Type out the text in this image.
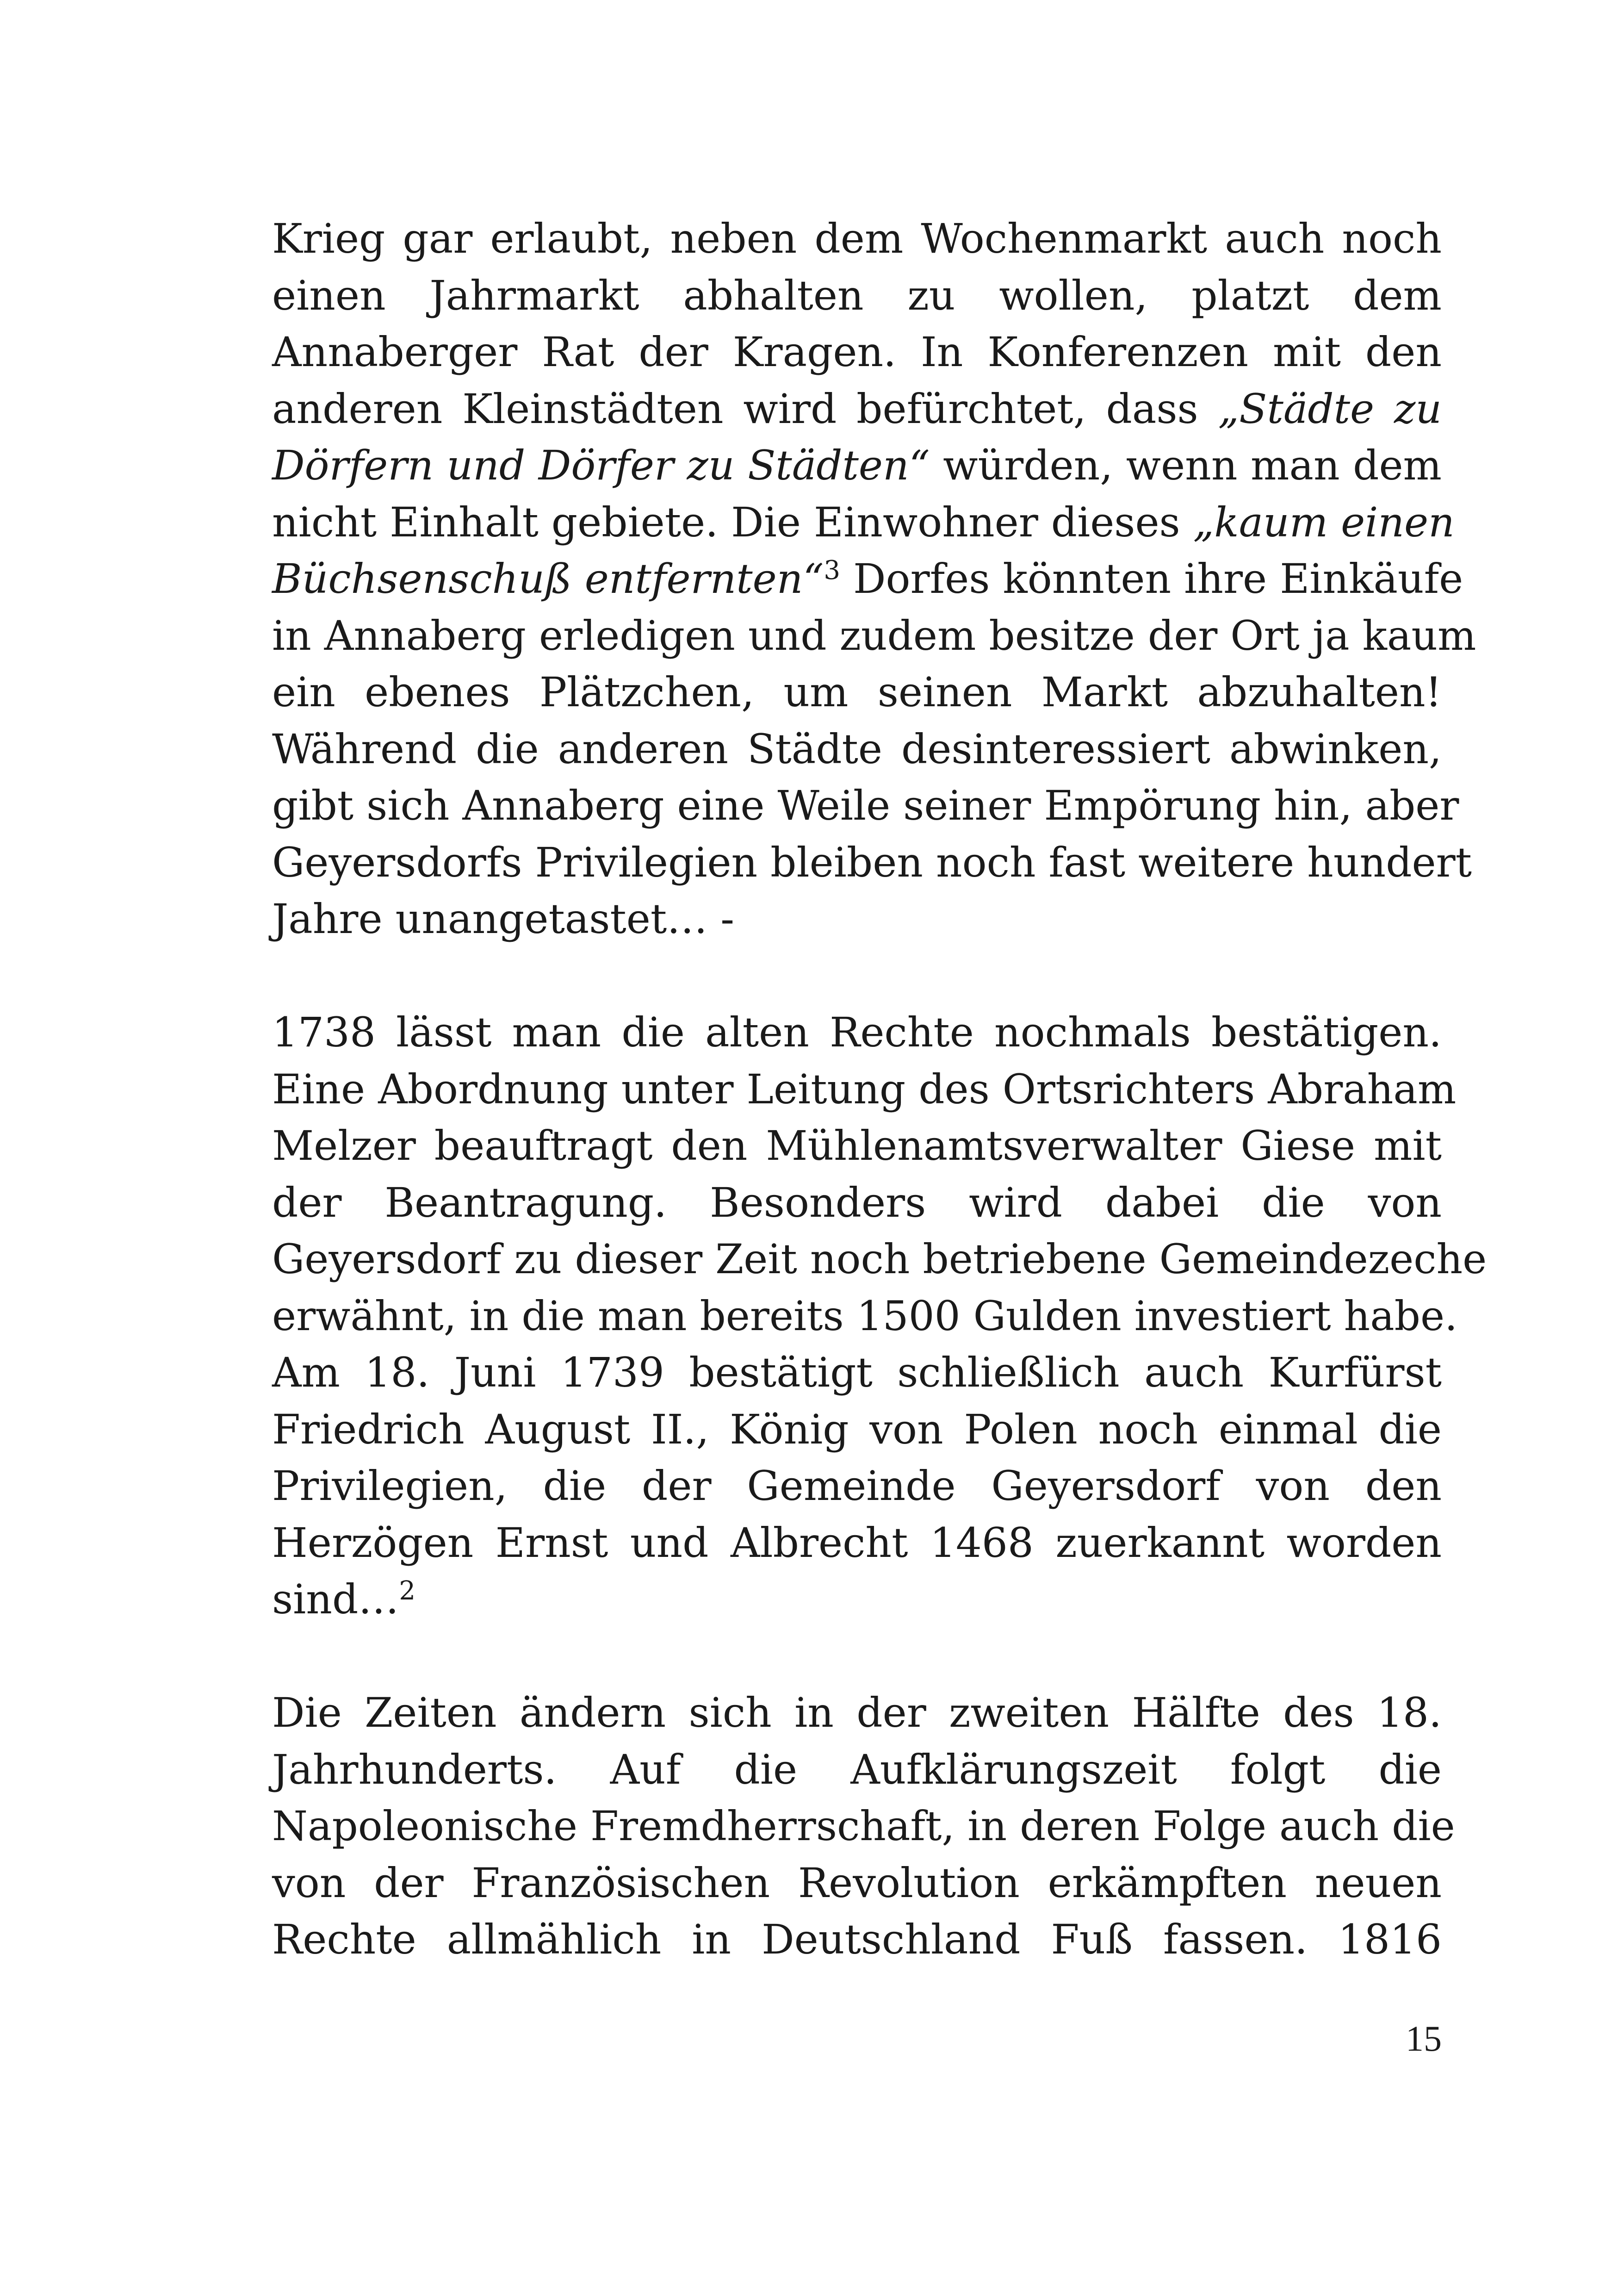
Krieg gar erlaubt, neben dem Wochenmarkt auch noch
einen Jahrmarkt abhalten zu wollen, platzt dem
Annaberger Rat der Kragen. In Konferenzen mit den
anderen Kleinstädten wird befürchtet, dass „Städte zu
Dörfern und Dörfer zu Städten“ würden, wenn man dem
nicht Einhalt gebiete. Die Einwohner dieses „kaum einen
Büchsenschuß entfernten“$^3$ Dorfes könnten ihre Einkäufe
in Annaberg erledigen und zudem besitze der Ort ja kaum
ein ebenes Plätzchen, um seinen Markt abzuhalten!
Während die anderen Städte desinteressiert abwinken,
gibt sich Annaberg eine Weile seiner Empörung hin, aber
Geyersdorfs Privilegien bleiben noch fast weitere hundert
Jahre unangetastet… -
1738 lässt man die alten Rechte nochmals bestätigen.
Eine Abordnung unter Leitung des Ortsrichters Abraham
Melzer beauftragt den Mühlenamtsverwalter Giese mit
der Beantragung. Besonders wird dabei die von
Geyersdorf zu dieser Zeit noch betriebene Gemeindezeche
erwähnt, in die man bereits 1500 Gulden investiert habe.
Am 18. Juni 1739 bestätigt schließlich auch Kurfürst
Friedrich August II., König von Polen noch einmal die
Privilegien, die der Gemeinde Geyersdorf von den
Herzögen Ernst und Albrecht 1468 zuerkannt worden
sind…$^2$
Die Zeiten ändern sich in der zweiten Hälfte des 18.
Jahrhunderts. Auf die Aufklärungszeit folgt die
Napoleonische Fremdherrschaft, in deren Folge auch die
von der Französischen Revolution erkämpften neuen
Rechte allmählich in Deutschland Fuß fassen. 1816
15
